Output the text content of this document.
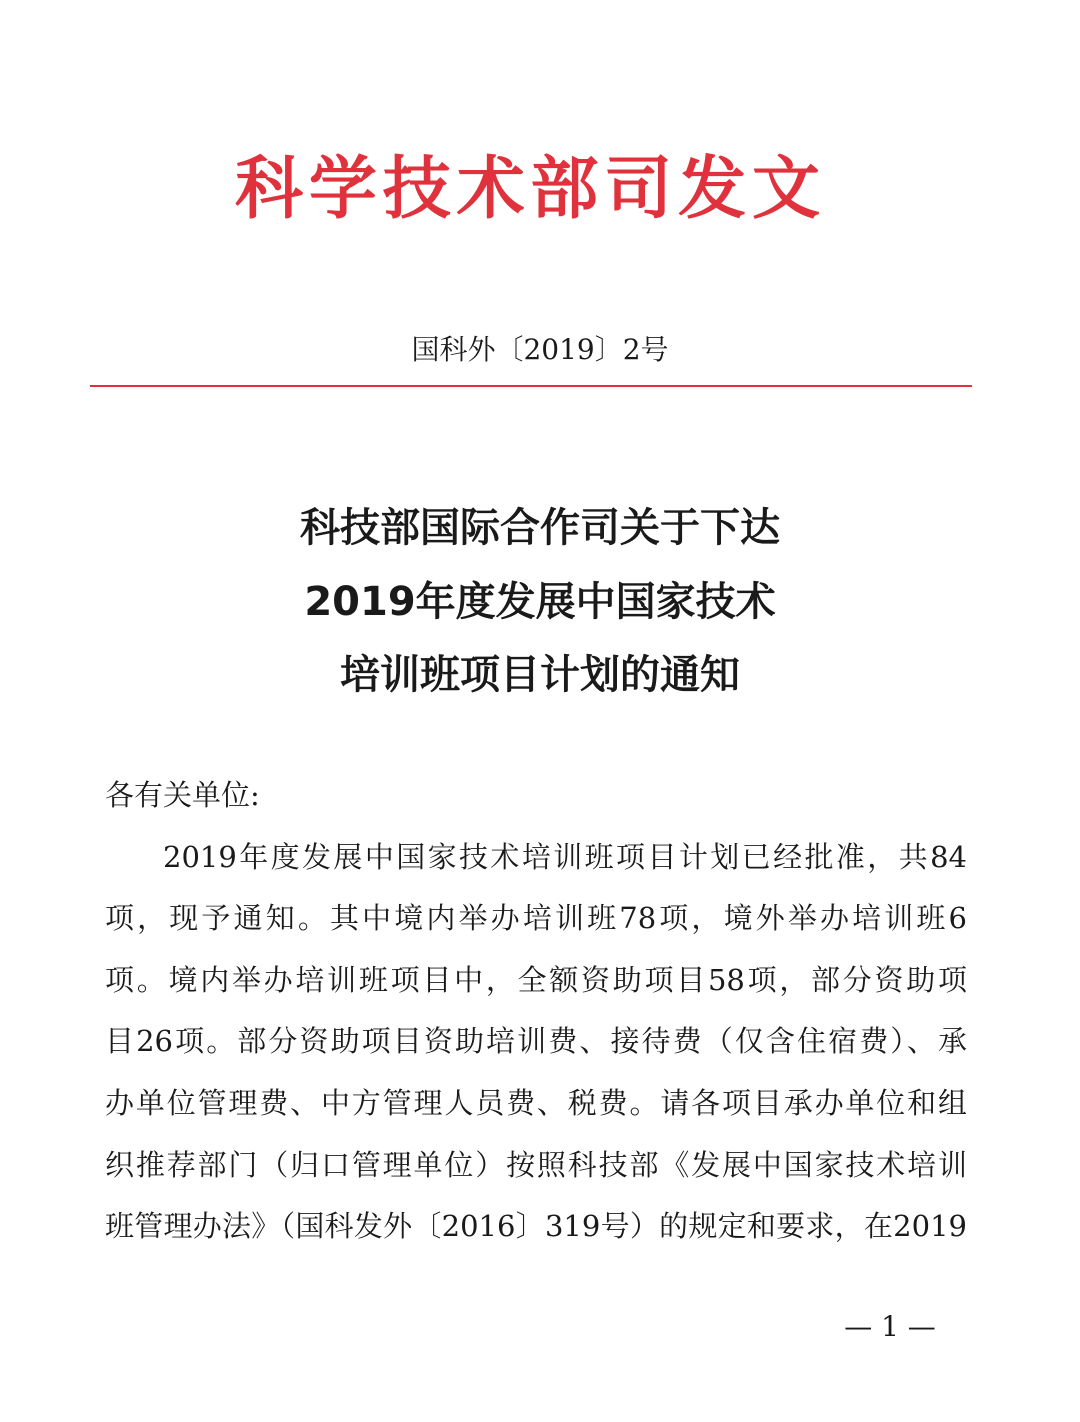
科学技术部司发文
国科外〔2019〕2号
科技部国际合作司关于下达
2019年度发展中国家技术
培训班项目计划的通知
各有关单位:
2019年度发展中国家技术培训班项目计划已经批准，共84
项，现予通知。其中境内举办培训班78项，境外举办培训班6
项。境内举办培训班项目中，全额资助项目58项，部分资助项
目26项。部分资助项目资助培训费、接待费（仅含住宿费）、承
办单位管理费、中方管理人员费、税费。请各项目承办单位和组
织推荐部门（归口管理单位）按照科技部《发展中国家技术培训
班管理办法》（国科发外〔2016〕319号）的规定和要求，在2019
— 1 —
